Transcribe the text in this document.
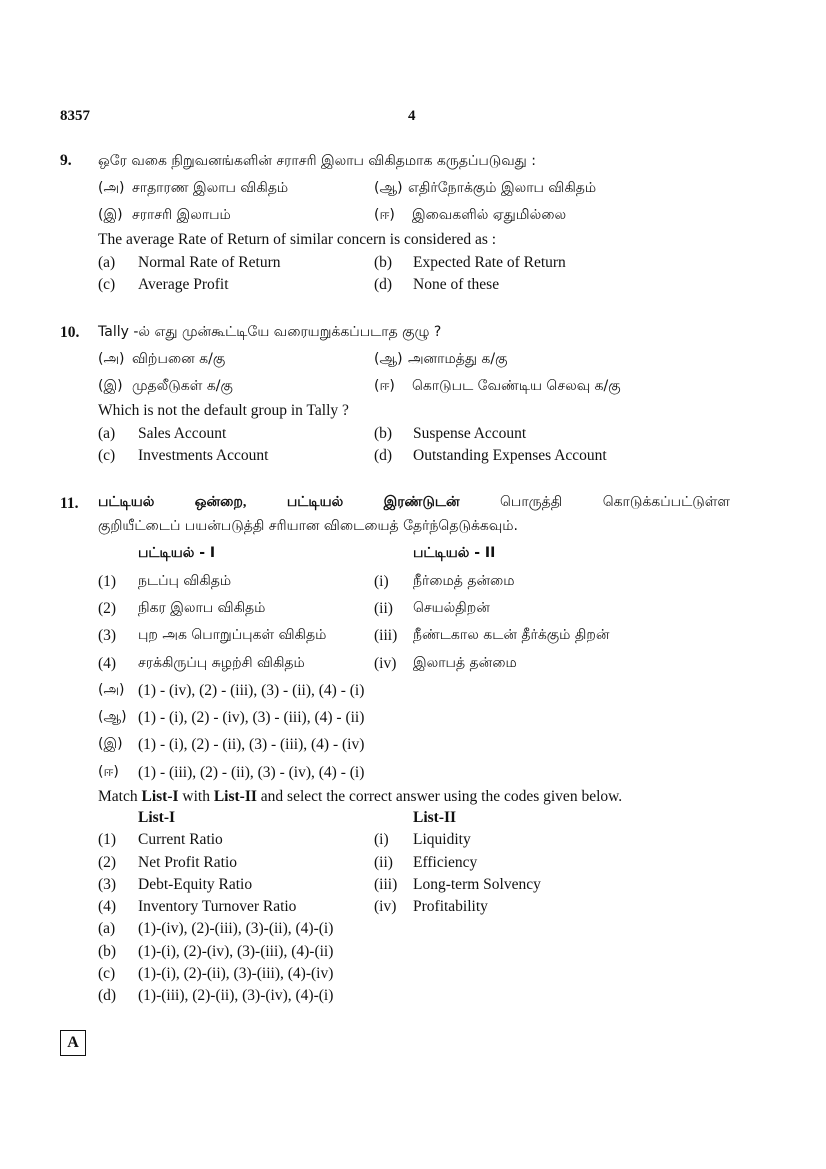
8357	4
9. ஒரே வகை நிறுவனங்களின் சராசரி இலாப விகிதமாக கருதப்படுவது :
(அ) சாதாரண இலாப விகிதம்	(ஆ) எதிர்நோக்கும் இலாப விகிதம்
(இ) சராசரி இலாபம்	(ஈ) இவைகளில் ஏதுமில்லை
The average Rate of Return of similar concern is considered as :
(a) Normal Rate of Return	(b) Expected Rate of Return
(c) Average Profit	(d) None of these
10. Tally -ல் எது முன்கூட்டியே வரையறுக்கப்படாத குழு ?
(அ) விற்பனை க/கு	(ஆ) அனாமத்து க/கு
(இ) முதலீடுகள் க/கு	(ஈ) கொடுபட வேண்டிய செலவு க/கு
Which is not the default group in Tally ?
(a) Sales Account	(b) Suspense Account
(c) Investments Account	(d) Outstanding Expenses Account
11. பட்டியல்	ஒன்றை,	பட்டியல்	இரண்டுடன்	பொருத்தி	கொடுக்கப்பட்டுள்ள
குறியீட்டைப் பயன்படுத்தி சரியான விடையைத் தேர்ந்தெடுக்கவும்.
பட்டியல் - I	பட்டியல் - II
(1) நடப்பு விகிதம்	(i) நீர்மைத் தன்மை
(2) நிகர இலாப விகிதம்	(ii) செயல்திறன்
(3) புற அக பொறுப்புகள் விகிதம்	(iii) நீண்டகால கடன் தீர்க்கும் திறன்
(4) சரக்கிருப்பு சுழற்சி விகிதம்	(iv) இலாபத் தன்மை
(அ) (1) - (iv), (2) - (iii), (3) - (ii), (4) - (i)
(ஆ) (1) - (i), (2) - (iv), (3) - (iii), (4) - (ii)
(இ) (1) - (i), (2) - (ii), (3) - (iii), (4) - (iv)
(ஈ) (1) - (iii), (2) - (ii), (3) - (iv), (4) - (i)
Match List-I with List-II and select the correct answer using the codes given below.
List-I	List-II
(1) Current Ratio	(i) Liquidity
(2) Net Profit Ratio	(ii) Efficiency
(3) Debt-Equity Ratio	(iii) Long-term Solvency
(4) Inventory Turnover Ratio	(iv) Profitability
(a) (1)-(iv), (2)-(iii), (3)-(ii), (4)-(i)
(b) (1)-(i), (2)-(iv), (3)-(iii), (4)-(ii)
(c) (1)-(i), (2)-(ii), (3)-(iii), (4)-(iv)
(d) (1)-(iii), (2)-(ii), (3)-(iv), (4)-(i)
A
